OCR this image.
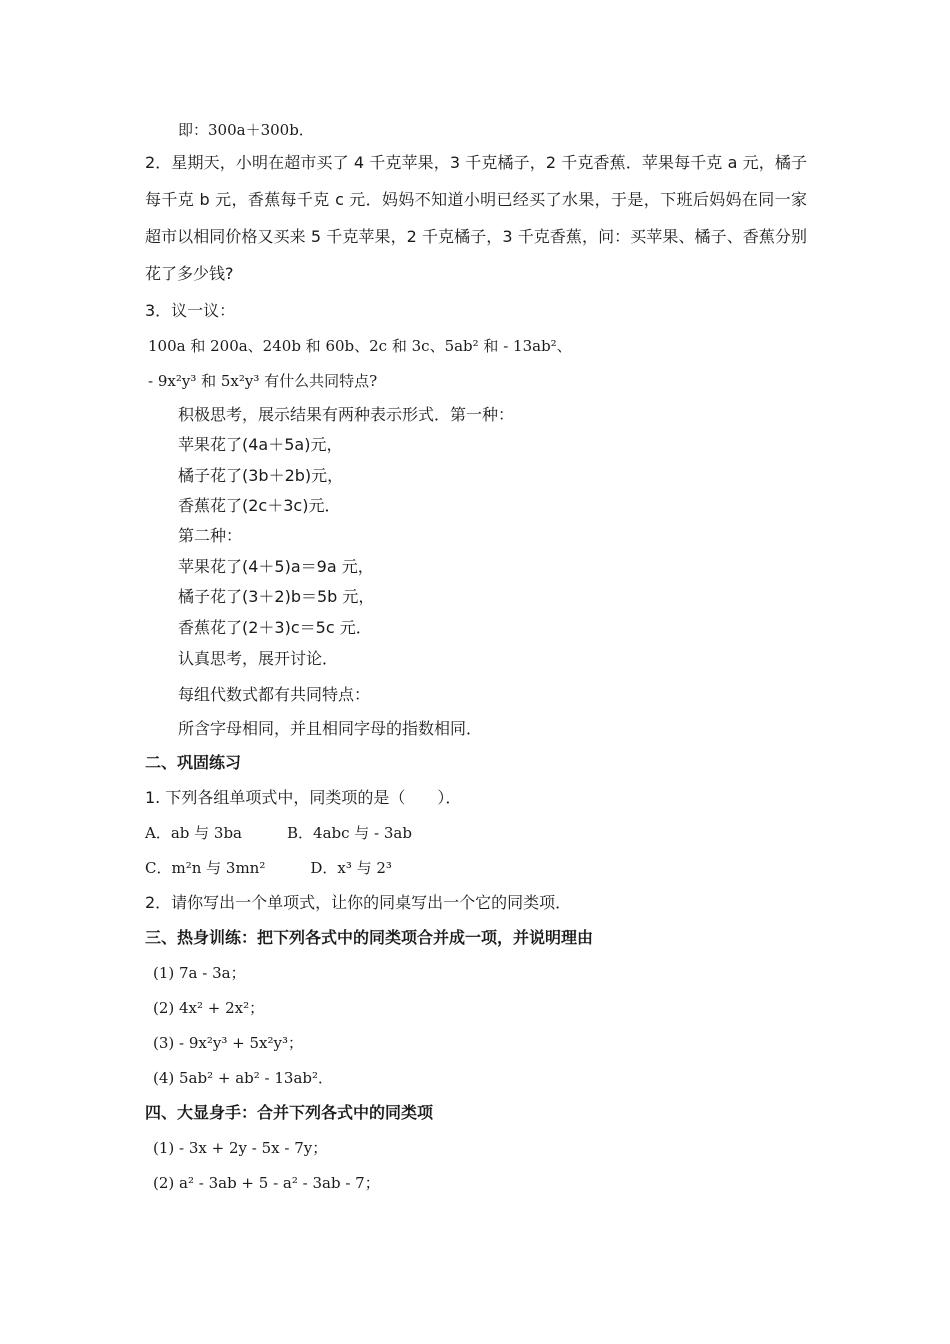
即：300a＋300b．
2．星期天，小明在超市买了 4 千克苹果，3 千克橘子，2 千克香蕉．苹果每千克 a 元，橘子每千克 b 元，香蕉每千克 c 元．妈妈不知道小明已经买了水果，于是，下班后妈妈在同一家超市以相同价格又买来 5 千克苹果，2 千克橘子，3 千克香蕉，问：买苹果、橘子、香蕉分别花了多少钱?
3．议一议：
100a 和 200a、240b 和 60b、2c 和 3c、5ab² 和 - 13ab²、
- 9x²y³ 和 5x²y³ 有什么共同特点?
积极思考，展示结果有两种表示形式．第一种：
苹果花了(4a＋5a)元，
橘子花了(3b＋2b)元，
香蕉花了(2c＋3c)元．
第二种：
苹果花了(4＋5)a＝9a 元，
橘子花了(3＋2)b＝5b 元，
香蕉花了(2＋3)c＝5c 元．
认真思考，展开讨论．
每组代数式都有共同特点：
所含字母相同，并且相同字母的指数相同．
二、巩固练习
1. 下列各组单项式中，同类项的是（　　）．
A．ab 与 3ba　　　B．4abc 与 - 3ab
C．m²n 与 3mn²　　　D．x³ 与 2³
2．请你写出一个单项式，让你的同桌写出一个它的同类项．
三、热身训练：把下列各式中的同类项合并成一项，并说明理由
(1) 7a - 3a；
(2) 4x² + 2x²；
(3) - 9x²y³ + 5x²y³；
(4) 5ab² + ab² - 13ab²．
四、大显身手：合并下列各式中的同类项
(1) - 3x + 2y - 5x - 7y；
(2) a² - 3ab + 5 - a² - 3ab - 7；
